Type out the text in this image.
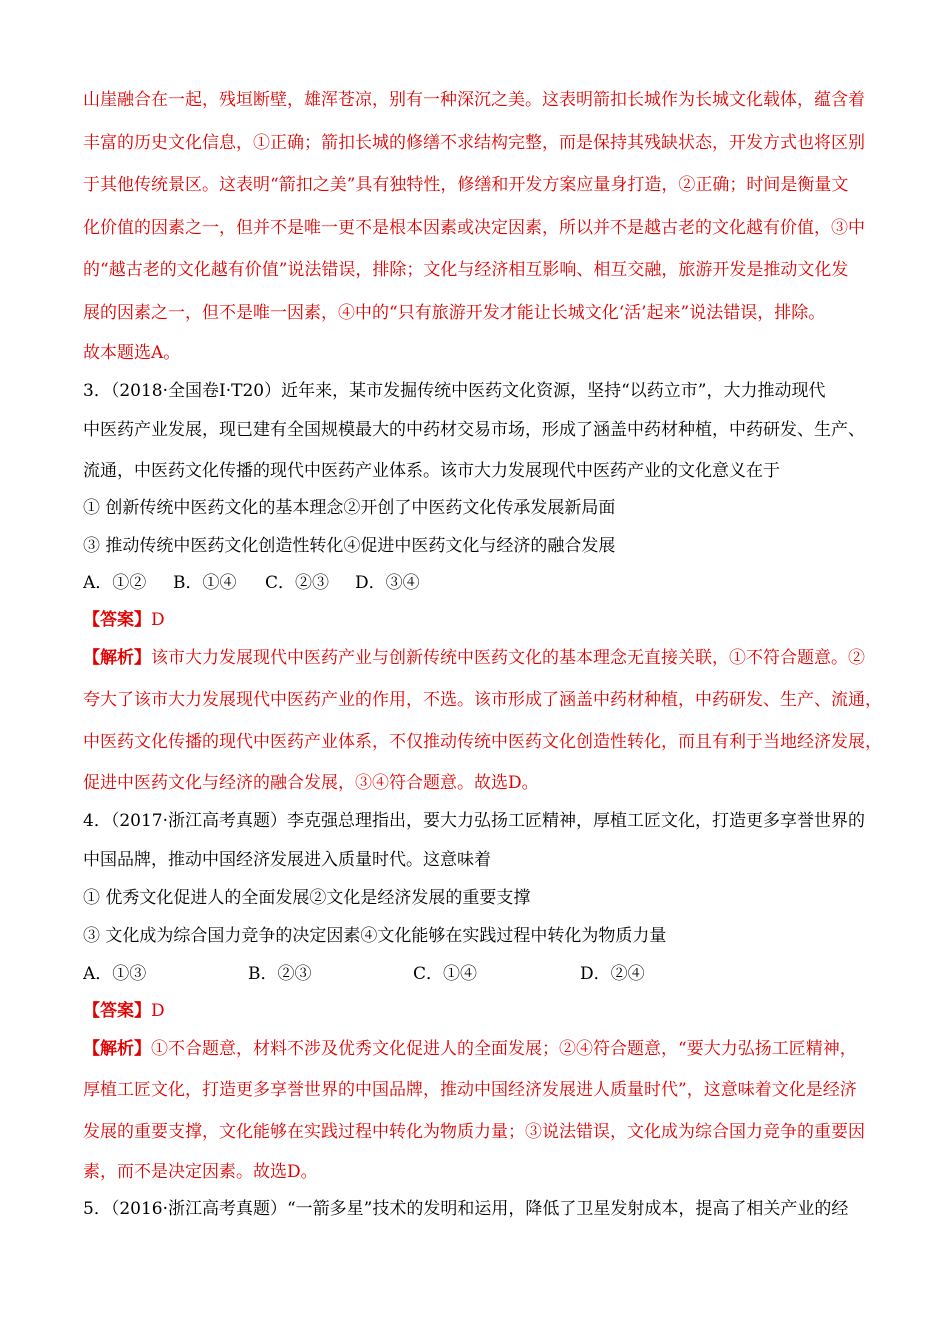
山崖融合在一起，残垣断壁，雄浑苍凉，别有一种深沉之美。这表明箭扣长城作为长城文化载体，蕴含着
丰富的历史文化信息，①正确；箭扣长城的修缮不求结构完整，而是保持其残缺状态，开发方式也将区别
于其他传统景区。这表明“箭扣之美”具有独特性，修缮和开发方案应量身打造，②正确；时间是衡量文
化价值的因素之一，但并不是唯一更不是根本因素或决定因素，所以并不是越古老的文化越有价值，③中
的“越古老的文化越有价值”说法错误，排除；文化与经济相互影响、相互交融，旅游开发是推动文化发
展的因素之一，但不是唯一因素，④中的“只有旅游开发才能让长城文化‘活’起来”说法错误，排除。
故本题选A。
3．（2018·全国卷Ⅰ·T20）近年来，某市发掘传统中医药文化资源，坚持“以药立市”，大力推动现代
中医药产业发展，现已建有全国规模最大的中药材交易市场，形成了涵盖中药材种植，中药研发、生产、
流通，中医药文化传播的现代中医药产业体系。该市大力发展现代中医药产业的文化意义在于
① 创新传统中医药文化的基本理念②开创了中医药文化传承发展新局面
③ 推动传统中医药文化创造性转化④促进中医药文化与经济的融合发展
A．①② B．①④ C．②③ D．③④
【答案】D
【解析】该市大力发展现代中医药产业与创新传统中医药文化的基本理念无直接关联，①不符合题意。②
夸大了该市大力发展现代中医药产业的作用，不选。该市形成了涵盖中药材种植，中药研发、生产、流通，
中医药文化传播的现代中医药产业体系，不仅推动传统中医药文化创造性转化，而且有利于当地经济发展，
促进中医药文化与经济的融合发展，③④符合题意。故选D。
4．（2017·浙江高考真题）李克强总理指出，要大力弘扬工匠精神，厚植工匠文化，打造更多享誉世界的
中国品牌，推动中国经济发展进入质量时代。这意味着
① 优秀文化促进人的全面发展②文化是经济发展的重要支撑
③ 文化成为综合国力竞争的决定因素④文化能够在实践过程中转化为物质力量
A．①③	B．②③	C．①④	D．②④
【答案】D
【解析】①不合题意，材料不涉及优秀文化促进人的全面发展；②④符合题意，“要大力弘扬工匠精神，
厚植工匠文化，打造更多享誉世界的中国品牌，推动中国经济发展进人质量时代”，这意味着文化是经济
发展的重要支撑，文化能够在实践过程中转化为物质力量；③说法错误，文化成为综合国力竞争的重要因
素，而不是决定因素。故选D。
5．（2016·浙江高考真题）“一箭多星”技术的发明和运用，降低了卫星发射成本，提高了相关产业的经
